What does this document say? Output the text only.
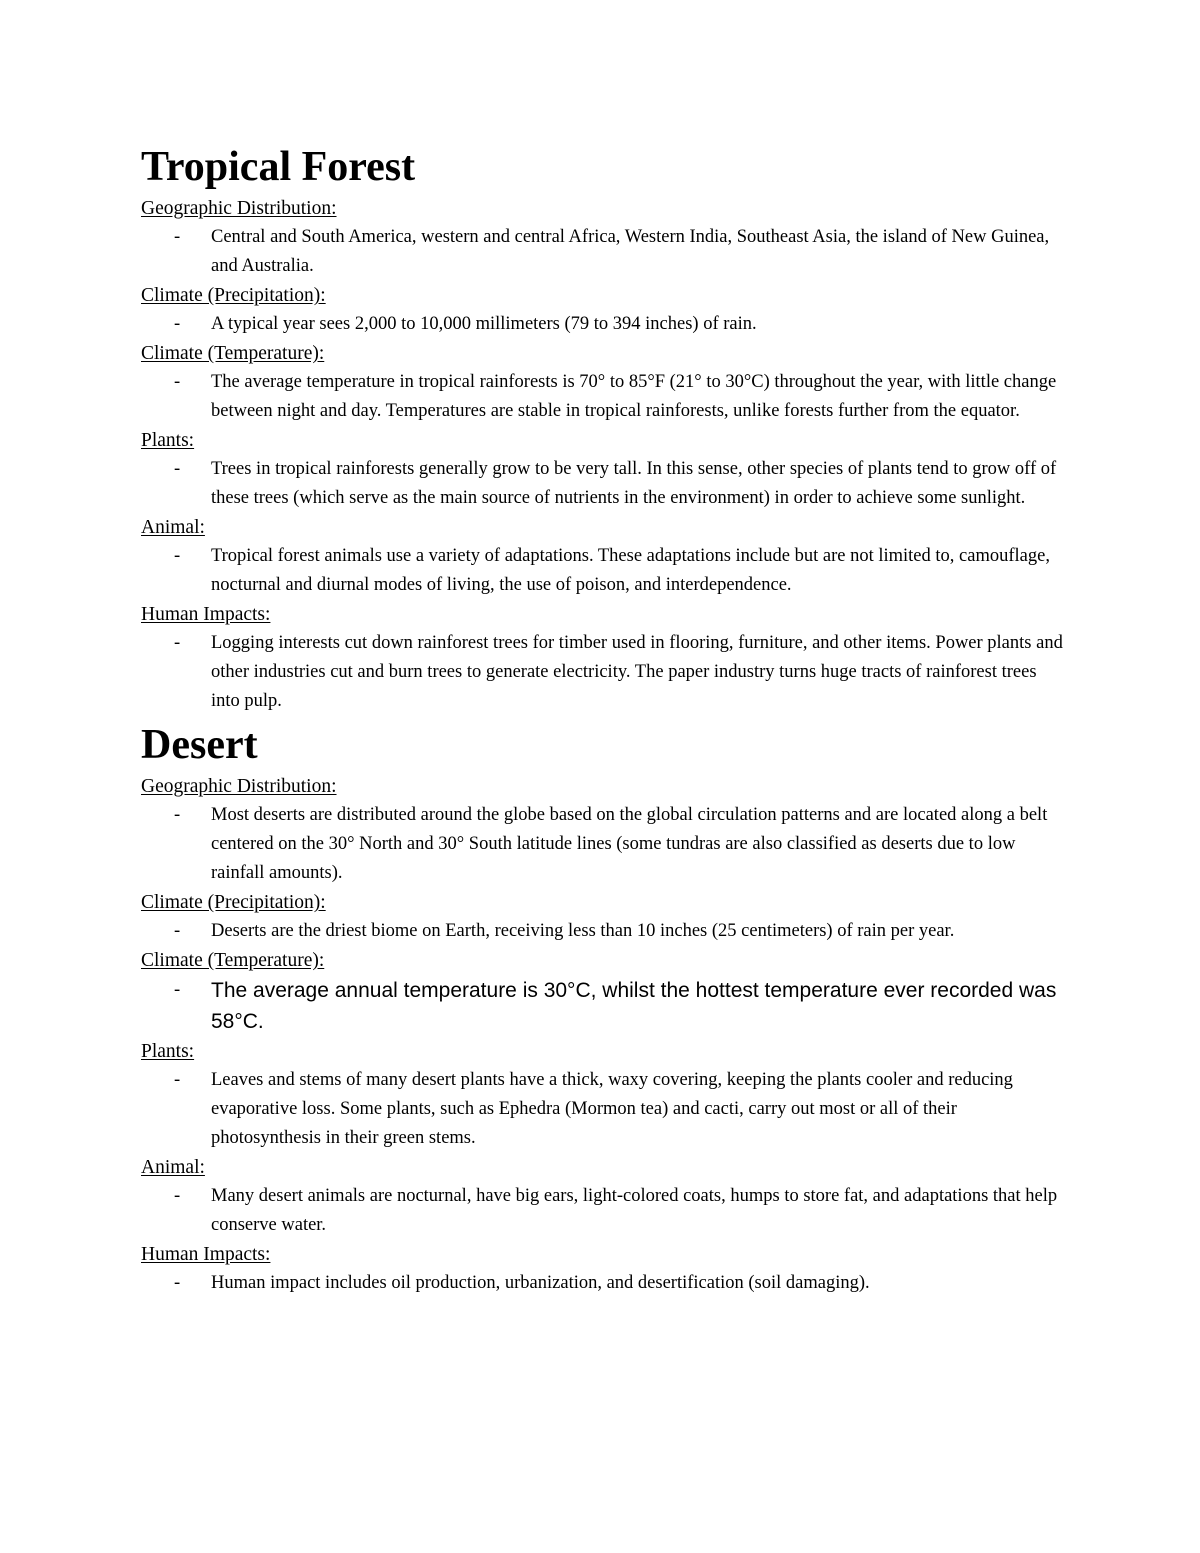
Tropical Forest
Geographic Distribution:
- Central and South America, western and central Africa, Western India, Southeast Asia, the island of New Guinea, and Australia.
Climate (Precipitation):
- A typical year sees 2,000 to 10,000 millimeters (79 to 394 inches) of rain.
Climate (Temperature):
- The average temperature in tropical rainforests is 70° to 85°F (21° to 30°C) throughout the year, with little change between night and day. Temperatures are stable in tropical rainforests, unlike forests further from the equator.
Plants:
- Trees in tropical rainforests generally grow to be very tall. In this sense, other species of plants tend to grow off of these trees (which serve as the main source of nutrients in the environment) in order to achieve some sunlight.
Animal:
- Tropical forest animals use a variety of adaptations. These adaptations include but are not limited to, camouflage, nocturnal and diurnal modes of living, the use of poison, and interdependence.
Human Impacts:
- Logging interests cut down rainforest trees for timber used in flooring, furniture, and other items. Power plants and other industries cut and burn trees to generate electricity. The paper industry turns huge tracts of rainforest trees into pulp.
Desert
Geographic Distribution:
- Most deserts are distributed around the globe based on the global circulation patterns and are located along a belt centered on the 30° North and 30° South latitude lines (some tundras are also classified as deserts due to low rainfall amounts).
Climate (Precipitation):
- Deserts are the driest biome on Earth, receiving less than 10 inches (25 centimeters) of rain per year.
Climate (Temperature):
- The average annual temperature is 30°C, whilst the hottest temperature ever recorded was 58°C.
Plants:
- Leaves and stems of many desert plants have a thick, waxy covering, keeping the plants cooler and reducing evaporative loss. Some plants, such as Ephedra (Mormon tea) and cacti, carry out most or all of their photosynthesis in their green stems.
Animal:
- Many desert animals are nocturnal, have big ears, light-colored coats, humps to store fat, and adaptations that help conserve water.
Human Impacts:
- Human impact includes oil production, urbanization, and desertification (soil damaging).
